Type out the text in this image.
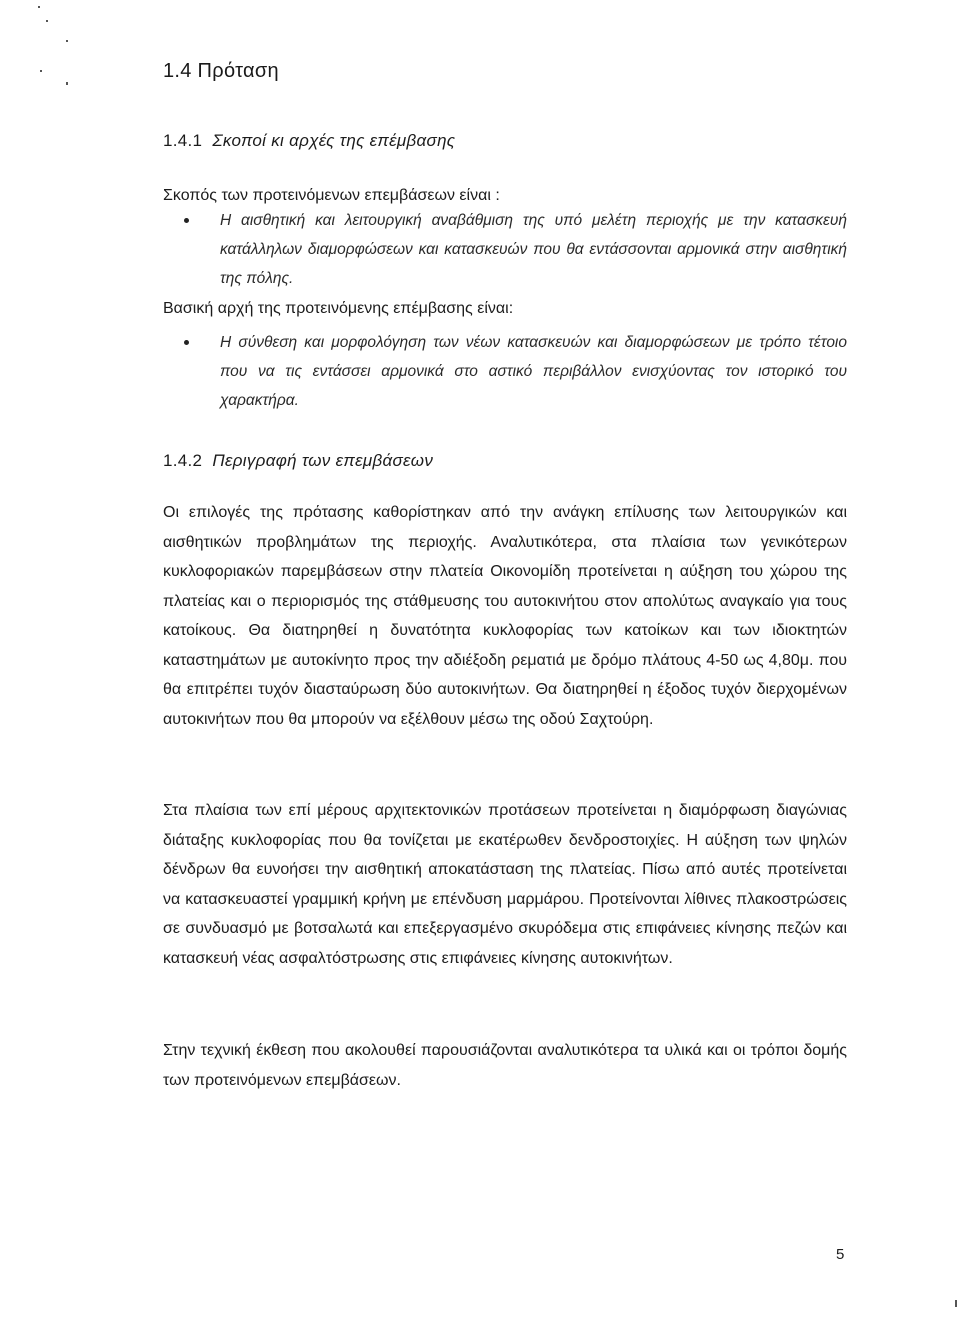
1.4 Πρόταση
1.4.1 Σκοποί κι αρχές της επέμβασης

Σκοπός των προτεινόμενων επεμβάσεων είναι :

Η αισθητική και λειτουργική αναβάθμιση της υπό μελέτη περιοχής με την κατασκευή κατάλληλων διαμορφώσεων και κατασκευών που θα εντάσσονται αρμονικά στην αισθητική της πόλης.

Βασική αρχή της προτεινόμενης επέμβασης είναι:

Η σύνθεση και μορφολόγηση των νέων κατασκευών και διαμορφώσεων με τρόπο τέτοιο που να τις εντάσσει αρμονικά στο αστικό περιβάλλον ενισχύοντας τον ιστορικό του χαρακτήρα.
1.4.2 Περιγραφή των επεμβάσεων

Οι επιλογές της πρότασης καθορίστηκαν από την ανάγκη επίλυσης των λειτουργικών και αισθητικών προβλημάτων της περιοχής. Αναλυτικότερα, στα πλαίσια των γενικότερων κυκλοφοριακών παρεμβάσεων στην πλατεία Οικονομίδη προτείνεται η αύξηση του χώρου της πλατείας και ο περιορισμός της στάθμευσης του αυτοκινήτου στον απολύτως αναγκαίο για τους κατοίκους. Θα διατηρηθεί η δυνατότητα κυκλοφορίας των κατοίκων και των ιδιοκτητών καταστημάτων με αυτοκίνητο προς την αδιέξοδη ρεματιά με δρόμο πλάτους 4-50 ως 4,80μ. που θα επιτρέπει τυχόν διασταύρωση δύο αυτοκινήτων. Θα διατηρηθεί η έξοδος τυχόν διερχομένων αυτοκινήτων που θα μπορούν να εξέλθουν μέσω της οδού Σαχτούρη.

Στα πλαίσια των επί μέρους αρχιτεκτονικών προτάσεων προτείνεται η διαμόρφωση διαγώνιας διάταξης κυκλοφορίας που θα τονίζεται με εκατέρωθεν δενδροστοιχίες. Η αύξηση των ψηλών δένδρων θα ευνοήσει την αισθητική αποκατάσταση της πλατείας. Πίσω από αυτές προτείνεται να κατασκευαστεί γραμμική κρήνη με επένδυση μαρμάρου. Προτείνονται λίθινες πλακοστρώσεις σε συνδυασμό με βοτσαλωτά και επεξεργασμένο σκυρόδεμα στις επιφάνειες κίνησης πεζών και κατασκευή νέας ασφαλτόστρωσης στις επιφάνειες κίνησης αυτοκινήτων.

Στην τεχνική έκθεση που ακολουθεί παρουσιάζονται αναλυτικότερα τα υλικά και οι τρόποι δομής των προτεινόμενων επεμβάσεων.

5
